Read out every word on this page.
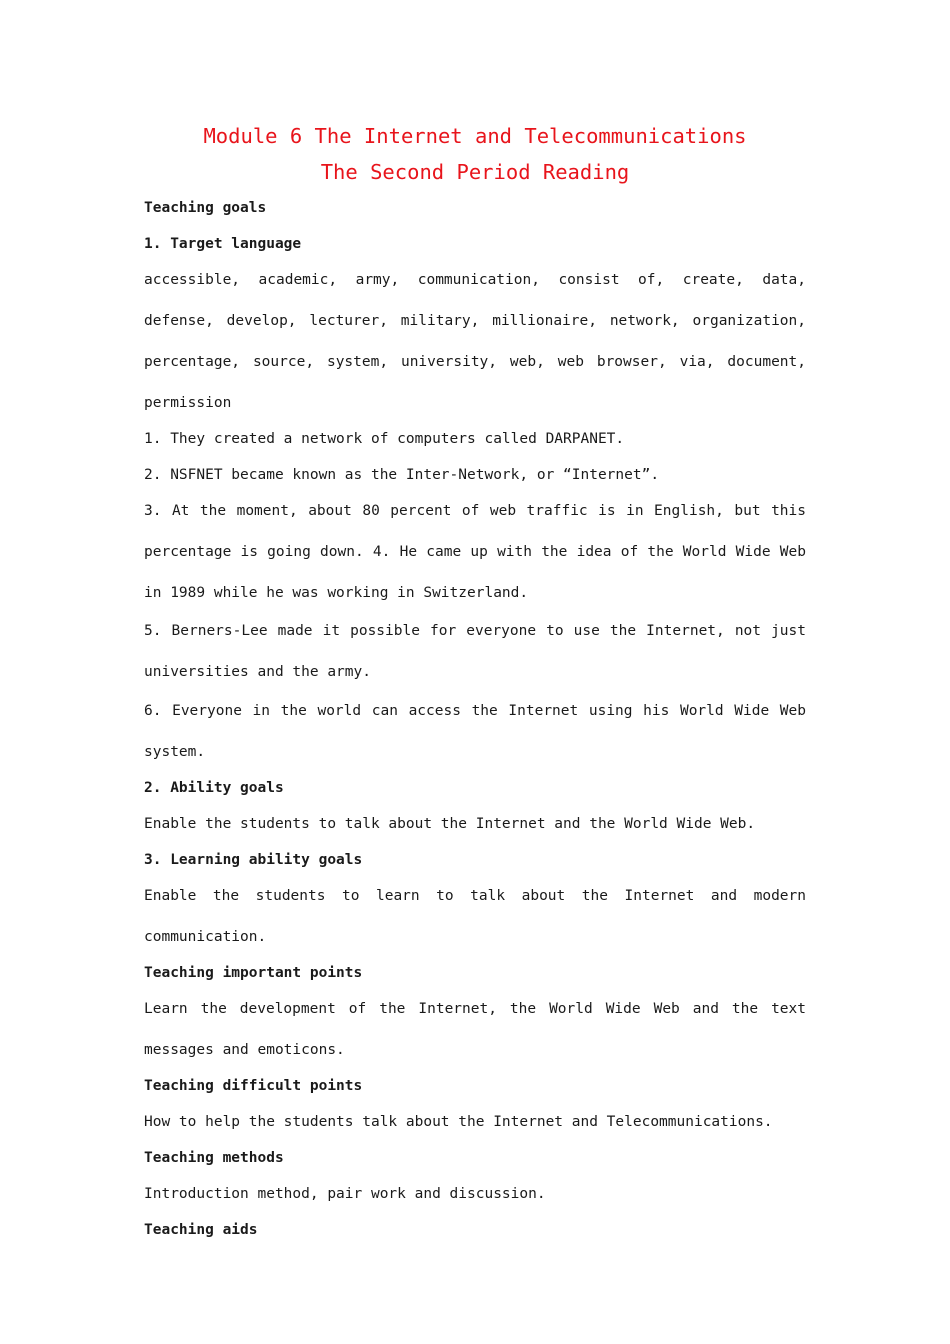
Module 6 The Internet and Telecommunications
The Second Period Reading
Teaching goals
1. Target language
accessible, academic, army, communication, consist of, create, data, defense, develop, lecturer, military, millionaire, network, organization, percentage, source, system, university, web, web browser, via, document, permission
1. They created a network of computers called DARPANET.
2. NSFNET became known as the Inter-Network, or “Internet”.
3. At the moment, about 80 percent of web traffic is in English, but this percentage is going down. 4. He came up with the idea of the World Wide Web in 1989 while he was working in Switzerland.
5. Berners-Lee made it possible for everyone to use the Internet, not just universities and the army.
6. Everyone in the world can access the Internet using his World Wide Web system.
2. Ability goals
Enable the students to talk about the Internet and the World Wide Web.
3. Learning ability goals
Enable the students to learn to talk about the Internet and modern communication.
Teaching important points
Learn the development of the Internet, the World Wide Web and the text messages and emoticons.
Teaching difficult points
How to help the students talk about the Internet and Telecommunications.
Teaching methods
Introduction method, pair work and discussion.
Teaching aids
